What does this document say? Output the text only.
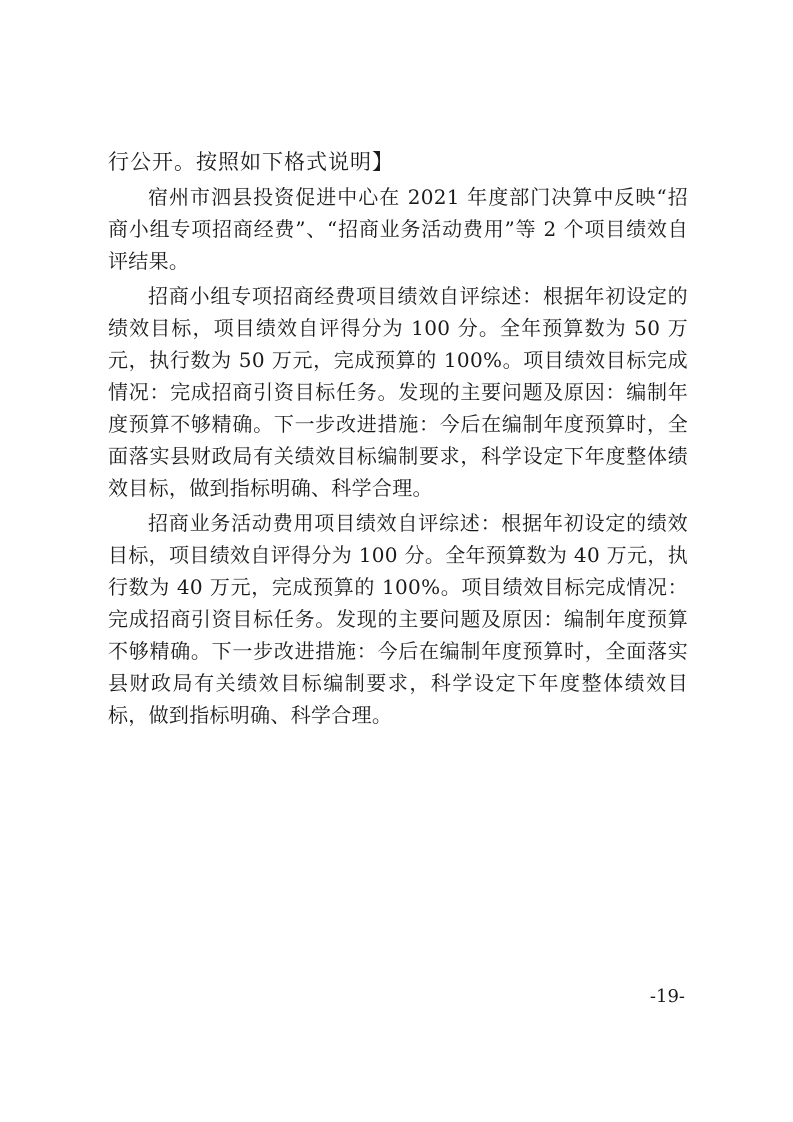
行公开。按照如下格式说明】

宿州市泗县投资促进中心在 2021 年度部门决算中反映“招商小组专项招商经费”、“招商业务活动费用”等 2 个项目绩效自评结果。

招商小组专项招商经费项目绩效自评综述：根据年初设定的绩效目标，项目绩效自评得分为 100 分。全年预算数为 50 万元，执行数为 50 万元，完成预算的 100%。项目绩效目标完成情况：完成招商引资目标任务。发现的主要问题及原因：编制年度预算不够精确。下一步改进措施：今后在编制年度预算时，全面落实县财政局有关绩效目标编制要求，科学设定下年度整体绩效目标，做到指标明确、科学合理。

招商业务活动费用项目绩效自评综述：根据年初设定的绩效目标，项目绩效自评得分为 100 分。全年预算数为 40 万元，执行数为 40 万元，完成预算的 100%。项目绩效目标完成情况：完成招商引资目标任务。发现的主要问题及原因：编制年度预算不够精确。下一步改进措施：今后在编制年度预算时，全面落实县财政局有关绩效目标编制要求，科学设定下年度整体绩效目标，做到指标明确、科学合理。

-19-
